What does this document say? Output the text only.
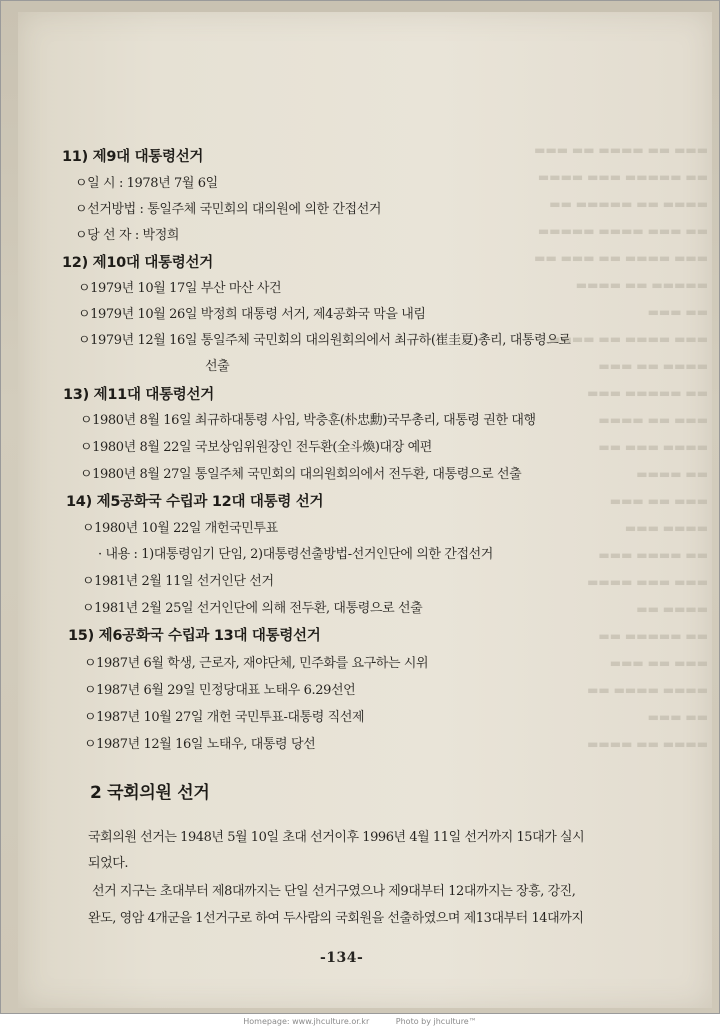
▬▬▬ ▬▬ ▬▬▬▬ ▬▬ ▬▬▬
▬▬ ▬▬▬▬▬ ▬▬▬ ▬▬▬▬
▬▬▬▬ ▬▬ ▬▬▬▬▬ ▬▬
▬▬ ▬▬▬ ▬▬▬▬ ▬▬▬▬▬
▬▬▬ ▬▬▬▬ ▬▬ ▬▬▬ ▬▬
▬▬▬▬▬ ▬▬ ▬▬▬▬
▬▬ ▬▬▬
▬▬▬ ▬▬▬▬ ▬▬ ▬▬▬▬
▬▬▬▬ ▬▬ ▬▬▬
▬▬ ▬▬▬▬▬ ▬▬▬
▬▬▬ ▬▬ ▬▬▬▬
▬▬▬▬ ▬▬▬ ▬▬
▬▬ ▬▬▬▬
▬▬▬ ▬▬ ▬▬▬
▬▬▬▬ ▬▬▬
▬▬ ▬▬▬▬ ▬▬▬
▬▬▬ ▬▬▬ ▬▬▬▬
▬▬▬▬ ▬▬
▬▬ ▬▬▬▬▬ ▬▬
▬▬▬ ▬▬ ▬▬▬
▬▬▬▬ ▬▬▬▬ ▬▬
▬▬ ▬▬▬
▬▬▬▬ ▬▬ ▬▬▬▬
11) 제9대 대통령선거
ㅇ일 시 : 1978년 7월 6일
ㅇ선거방법 : 통일주체 국민회의 대의원에 의한 간접선거
ㅇ당 선 자 : 박정희
12) 제10대 대통령선거
ㅇ1979년 10월 17일 부산 마산 사건
ㅇ1979년 10월 26일 박정희 대통령 서거, 제4공화국 막을 내림
ㅇ1979년 12월 16일 통일주체 국민회의 대의원회의에서 최규하(崔圭夏)총리, 대통령으로
선출
13) 제11대 대통령선거
ㅇ1980년 8월 16일 최규하대통령 사임, 박충훈(朴忠勳)국무총리, 대통령 권한 대행
ㅇ1980년 8월 22일 국보상임위원장인 전두환(全斗煥)대장 예편
ㅇ1980년 8월 27일 통일주체 국민회의 대의원회의에서 전두환, 대통령으로 선출
14) 제5공화국 수립과 12대 대통령 선거
ㅇ1980년 10월 22일 개헌국민투표
· 내용 : 1)대통령임기 단임, 2)대통령선출방법-선거인단에 의한 간접선거
ㅇ1981년 2월 11일 선거인단 선거
ㅇ1981년 2월 25일 선거인단에 의해 전두환, 대통령으로 선출
15) 제6공화국 수립과 13대 대통령선거
ㅇ1987년 6월 학생, 근로자, 재야단체, 민주화를 요구하는 시위
ㅇ1987년 6월 29일 민정당대표 노태우 6.29선언
ㅇ1987년 10월 27일 개헌 국민투표-대통령 직선제
ㅇ1987년 12월 16일 노태우, 대통령 당선
2 국회의원 선거
국회의원 선거는 1948년 5월 10일 초대 선거이후 1996년 4월 11일 선거까지 15대가 실시
되었다.
선거 지구는 초대부터 제8대까지는 단일 선거구였으나 제9대부터 12대까지는 장흥, 강진,
완도, 영암 4개군을 1선거구로 하여 두사람의 국회원을 선출하였으며 제13대부터 14대까지
-134-
Homepage: www.jhculture.or.kr	Photo by jhculture™
